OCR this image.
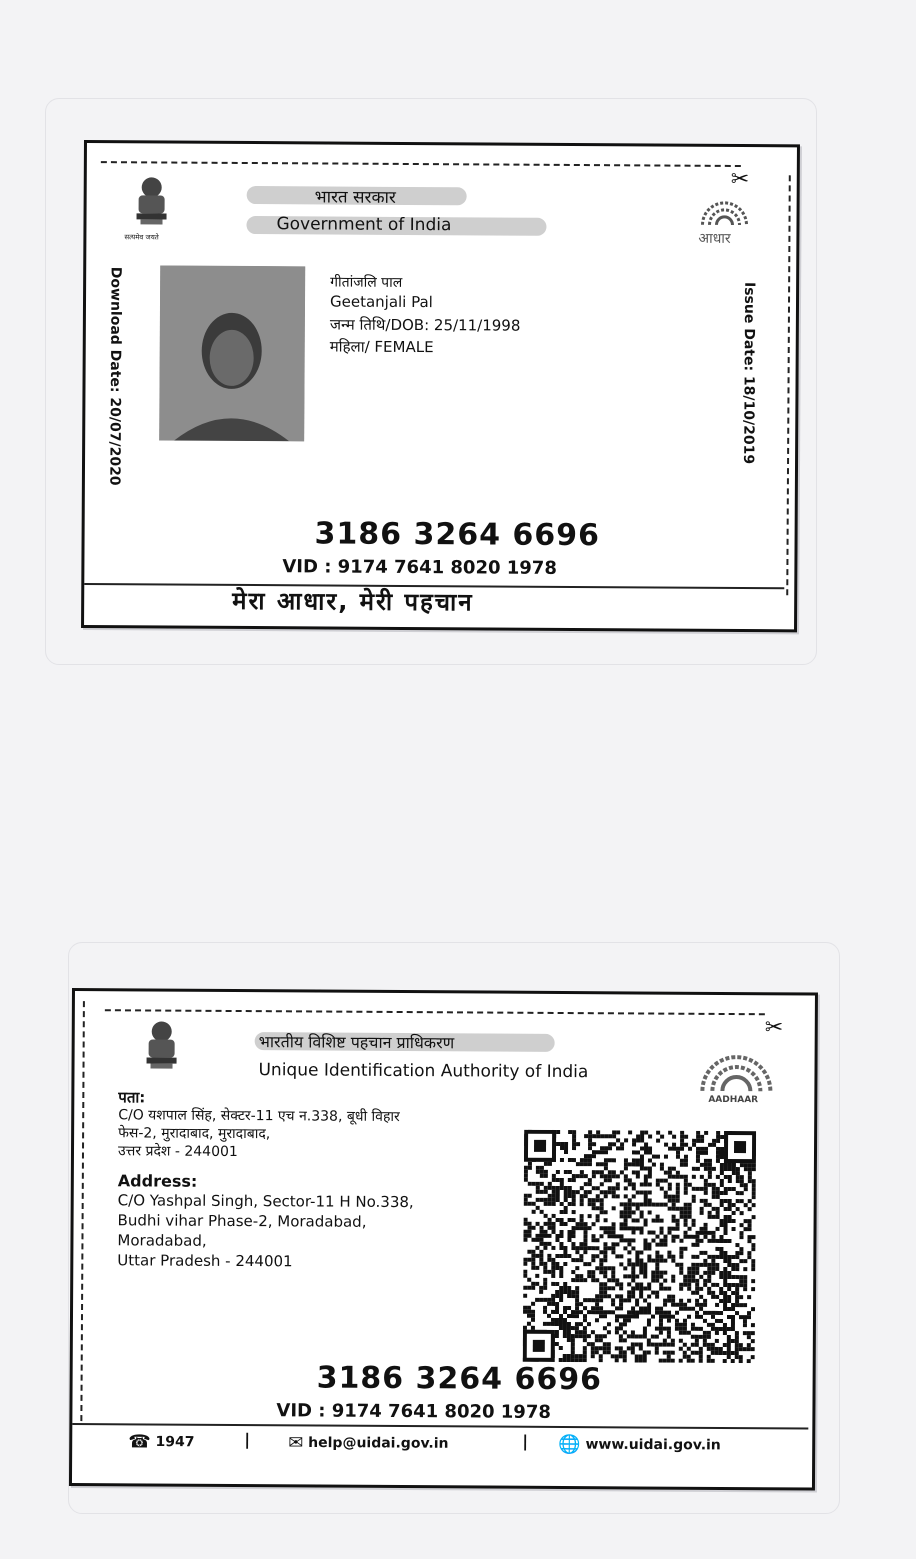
✂
सत्यमेव जयते
भारत सरकार
Government of India
आधार
Download Date: 20/07/2020	Issue Date: 18/10/2019
गीतांजलि पाल
Geetanjali Pal
जन्म तिथि/DOB: 25/11/1998
महिला/ FEMALE
3186 3264 6696
VID : 9174 7641 8020 1978
मेरा आधार, मेरी पहचान
✂
भारतीय विशिष्ट पहचान प्राधिकरण
Unique Identification Authority of India
AADHAAR
पता:
C/O यशपाल सिंह, सेक्टर-11 एच न.338, बूधी विहार
फेस-2, मुरादाबाद, मुरादाबाद,
उत्तर प्रदेश - 244001
Address:
C/O Yashpal Singh, Sector-11 H No.338,
Budhi vihar Phase-2, Moradabad,
Moradabad,
Uttar Pradesh - 244001
3186 3264 6696
VID : 9174 7641 8020 1978
☎ 1947	| ✉ help@uidai.gov.in	| 🌐 www.uidai.gov.in
